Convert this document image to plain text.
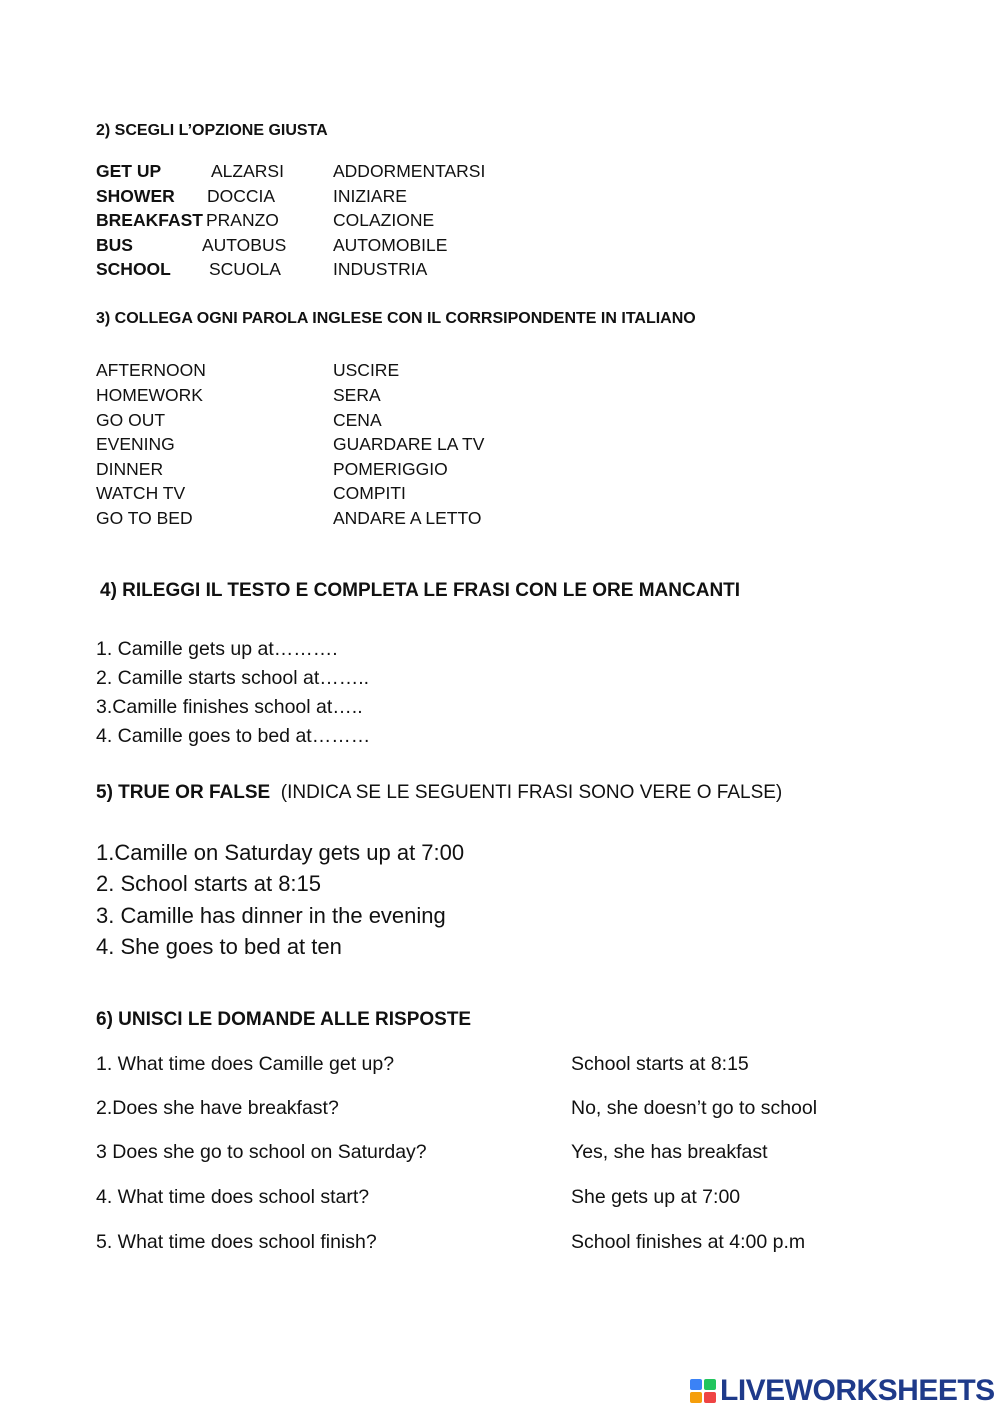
2) SCEGLI L’OPZIONE GIUSTA
GET UP	ALZARSI	ADDORMENTARSI
SHOWER DOCCIA	INIZIARE
BREAKFAST PRANZO	COLAZIONE
BUS	AUTOBUS	AUTOMOBILE
SCHOOL SCUOLA	INDUSTRIA
3) COLLEGA OGNI PAROLA INGLESE CON IL CORRSIPONDENTE IN ITALIANO
AFTERNOON	USCIRE
HOMEWORK	SERA
GO OUT	CENA
EVENING	GUARDARE LA TV
DINNER	POMERIGGIO
WATCH TV	COMPITI
GO TO BED	ANDARE A LETTO
4) RILEGGI IL TESTO E COMPLETA LE FRASI CON LE ORE MANCANTI
1. Camille gets up at……….
2. Camille starts school at……..
3.Camille finishes school at…..
4. Camille goes to bed at………
5) TRUE OR FALSE (INDICA SE LE SEGUENTI FRASI SONO VERE O FALSE)
1.Camille on Saturday gets up at 7:00
2. School starts at 8:15
3. Camille has dinner in the evening
4. She goes to bed at ten
6) UNISCI LE DOMANDE ALLE RISPOSTE
1. What time does Camille get up?	School starts at 8:15
2.Does she have breakfast?	No, she doesn’t go to school
3 Does she go to school on Saturday?	Yes, she has breakfast
4. What time does school start?	She gets up at 7:00
5. What time does school finish?	School finishes at 4:00 p.m
LIVEWORKSHEETS
